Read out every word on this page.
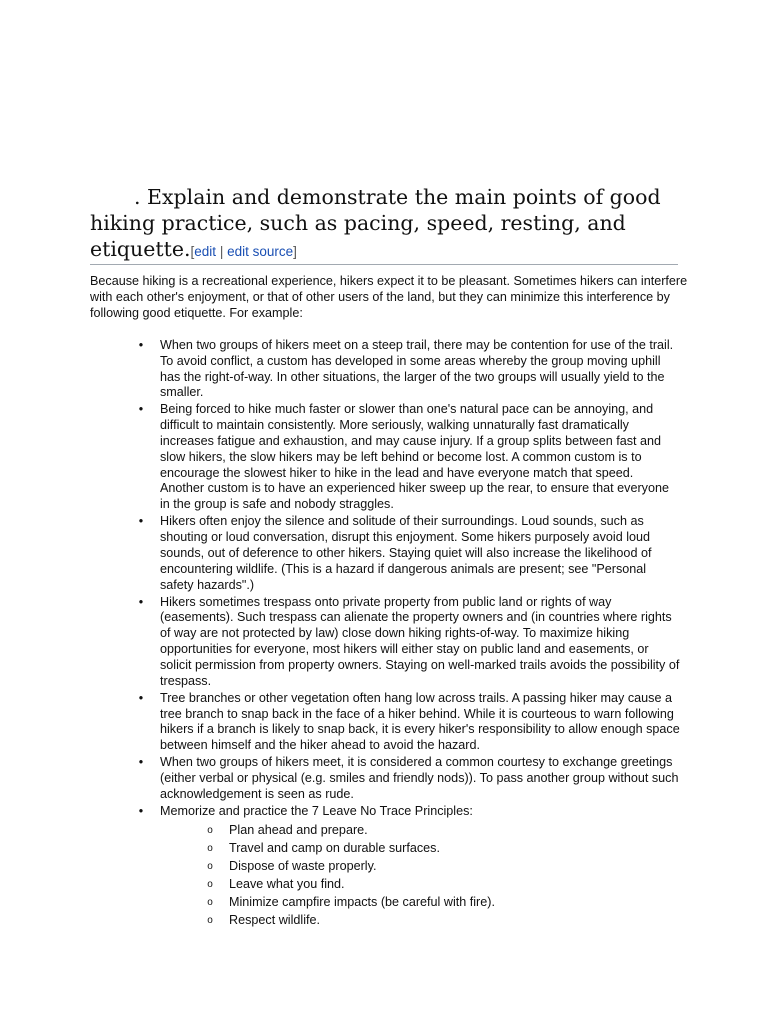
. Explain and demonstrate the main points of good hiking practice, such as pacing, speed, resting, and etiquette.[edit | edit source]

Because hiking is a recreational experience, hikers expect it to be pleasant. Sometimes hikers can interfere with each other's enjoyment, or that of other users of the land, but they can minimize this interference by following good etiquette. For example:

• When two groups of hikers meet on a steep trail, there may be contention for use of the trail. To avoid conflict, a custom has developed in some areas whereby the group moving uphill has the right-of-way. In other situations, the larger of the two groups will usually yield to the smaller.
• Being forced to hike much faster or slower than one's natural pace can be annoying, and difficult to maintain consistently. More seriously, walking unnaturally fast dramatically increases fatigue and exhaustion, and may cause injury. If a group splits between fast and slow hikers, the slow hikers may be left behind or become lost. A common custom is to encourage the slowest hiker to hike in the lead and have everyone match that speed. Another custom is to have an experienced hiker sweep up the rear, to ensure that everyone in the group is safe and nobody straggles.
• Hikers often enjoy the silence and solitude of their surroundings. Loud sounds, such as shouting or loud conversation, disrupt this enjoyment. Some hikers purposely avoid loud sounds, out of deference to other hikers. Staying quiet will also increase the likelihood of encountering wildlife. (This is a hazard if dangerous animals are present; see "Personal safety hazards".)
• Hikers sometimes trespass onto private property from public land or rights of way (easements). Such trespass can alienate the property owners and (in countries where rights of way are not protected by law) close down hiking rights-of-way. To maximize hiking opportunities for everyone, most hikers will either stay on public land and easements, or solicit permission from property owners. Staying on well-marked trails avoids the possibility of trespass.
• Tree branches or other vegetation often hang low across trails. A passing hiker may cause a tree branch to snap back in the face of a hiker behind. While it is courteous to warn following hikers if a branch is likely to snap back, it is every hiker's responsibility to allow enough space between himself and the hiker ahead to avoid the hazard.
• When two groups of hikers meet, it is considered a common courtesy to exchange greetings (either verbal or physical (e.g. smiles and friendly nods)). To pass another group without such acknowledgement is seen as rude.
• Memorize and practice the 7 Leave No Trace Principles:
o Plan ahead and prepare.
o Travel and camp on durable surfaces.
o Dispose of waste properly.
o Leave what you find.
o Minimize campfire impacts (be careful with fire).
o Respect wildlife.
